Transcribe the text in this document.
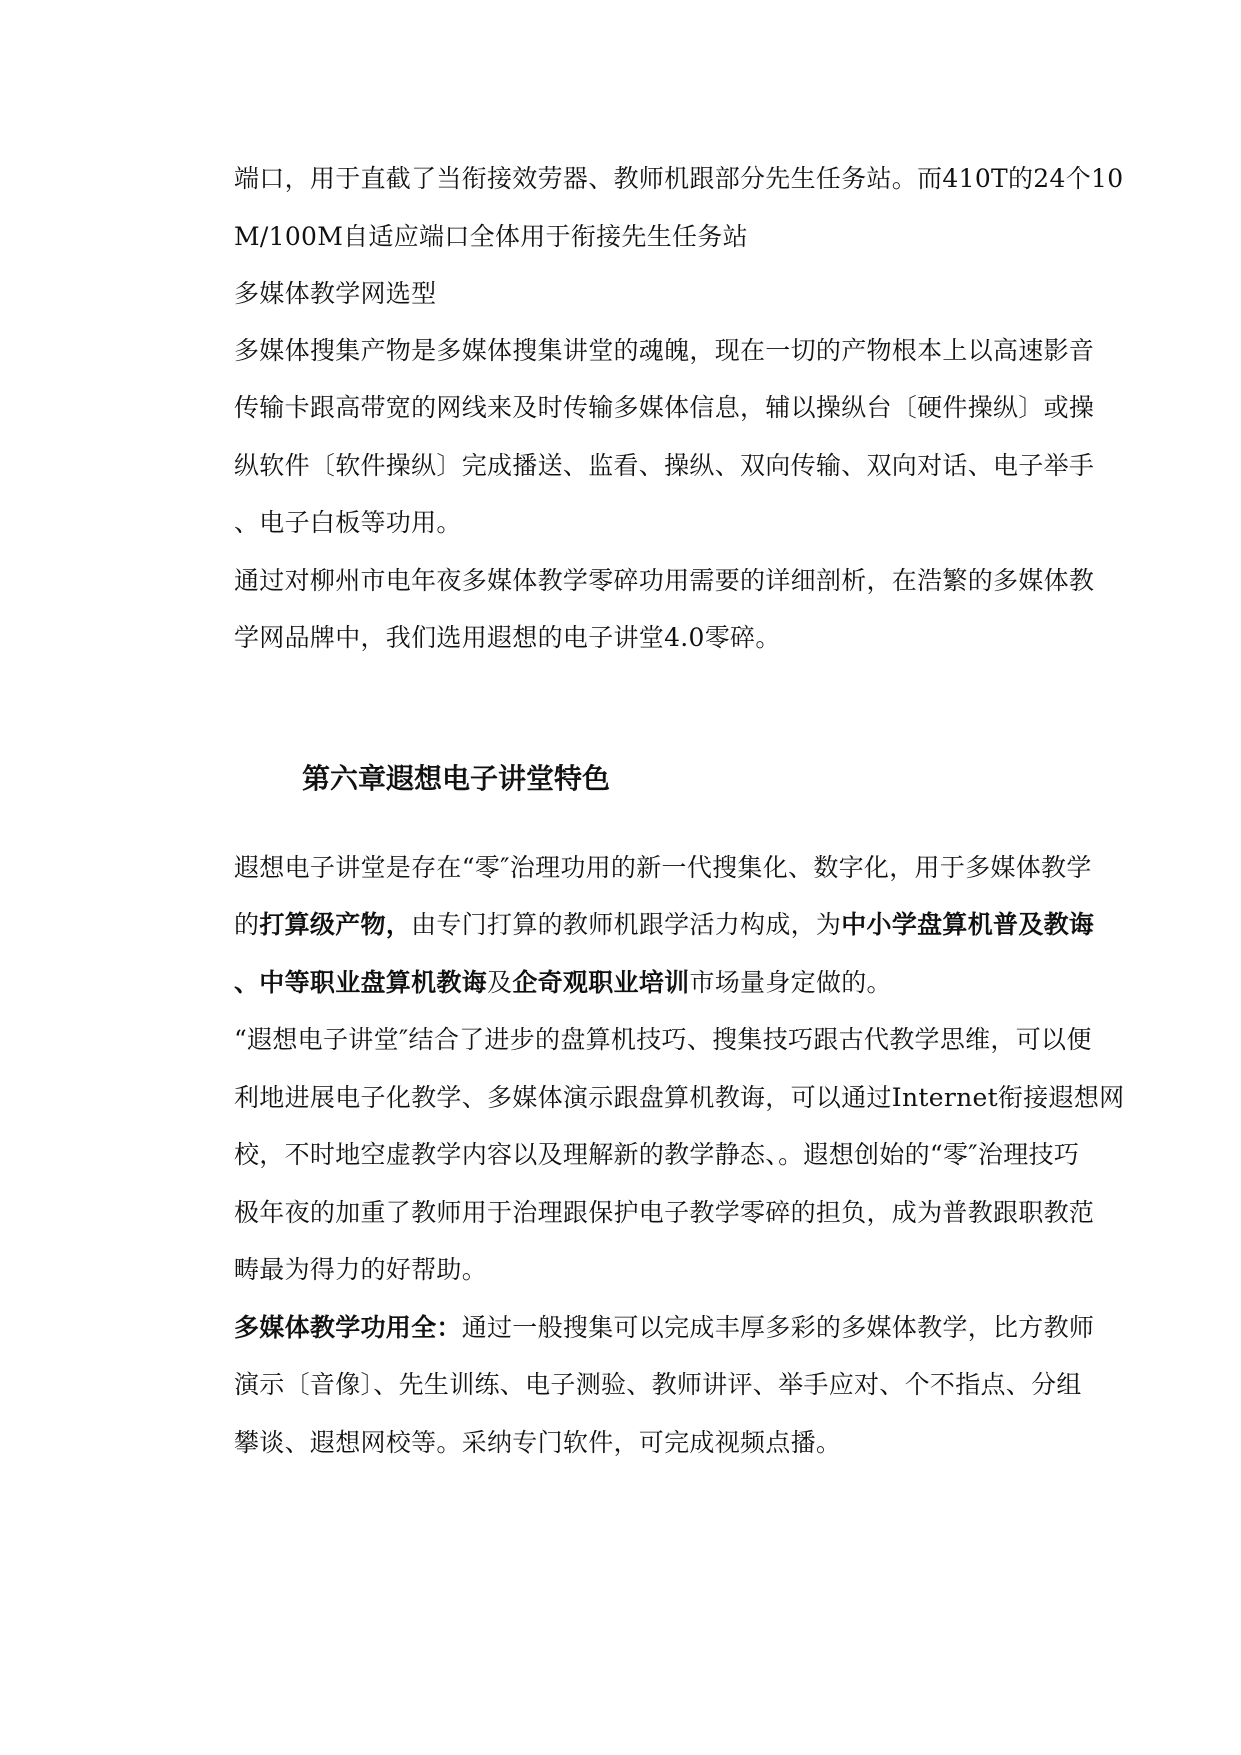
端口，用于直截了当衔接效劳器、教师机跟部分先生任务站。而410T的24个10
M/100M自适应端口全体用于衔接先生任务站
多媒体教学网选型
多媒体搜集产物是多媒体搜集讲堂的魂魄，现在一切的产物根本上以高速影音
传输卡跟高带宽的网线来及时传输多媒体信息，辅以操纵台〔硬件操纵〕或操
纵软件〔软件操纵〕完成播送、监看、操纵、双向传输、双向对话、电子举手
、电子白板等功用。
通过对柳州市电年夜多媒体教学零碎功用需要的详细剖析，在浩繁的多媒体教
学网品牌中，我们选用遐想的电子讲堂4.0零碎。
第六章遐想电子讲堂特色
遐想电子讲堂是存在“零″治理功用的新一代搜集化、数字化，用于多媒体教学
的打算级产物，由专门打算的教师机跟学活力构成，为中小学盘算机普及教诲
、中等职业盘算机教诲及企奇观职业培训市场量身定做的。
“遐想电子讲堂″结合了进步的盘算机技巧、搜集技巧跟古代教学思维，可以便
利地进展电子化教学、多媒体演示跟盘算机教诲，可以通过Internet衔接遐想网
校，不时地空虚教学内容以及理解新的教学静态、。遐想创始的“零″治理技巧
极年夜的加重了教师用于治理跟保护电子教学零碎的担负，成为普教跟职教范
畴最为得力的好帮助。
多媒体教学功用全：通过一般搜集可以完成丰厚多彩的多媒体教学，比方教师
演示〔音像〕、先生训练、电子测验、教师讲评、举手应对、个不指点、分组
攀谈、遐想网校等。采纳专门软件，可完成视频点播。
